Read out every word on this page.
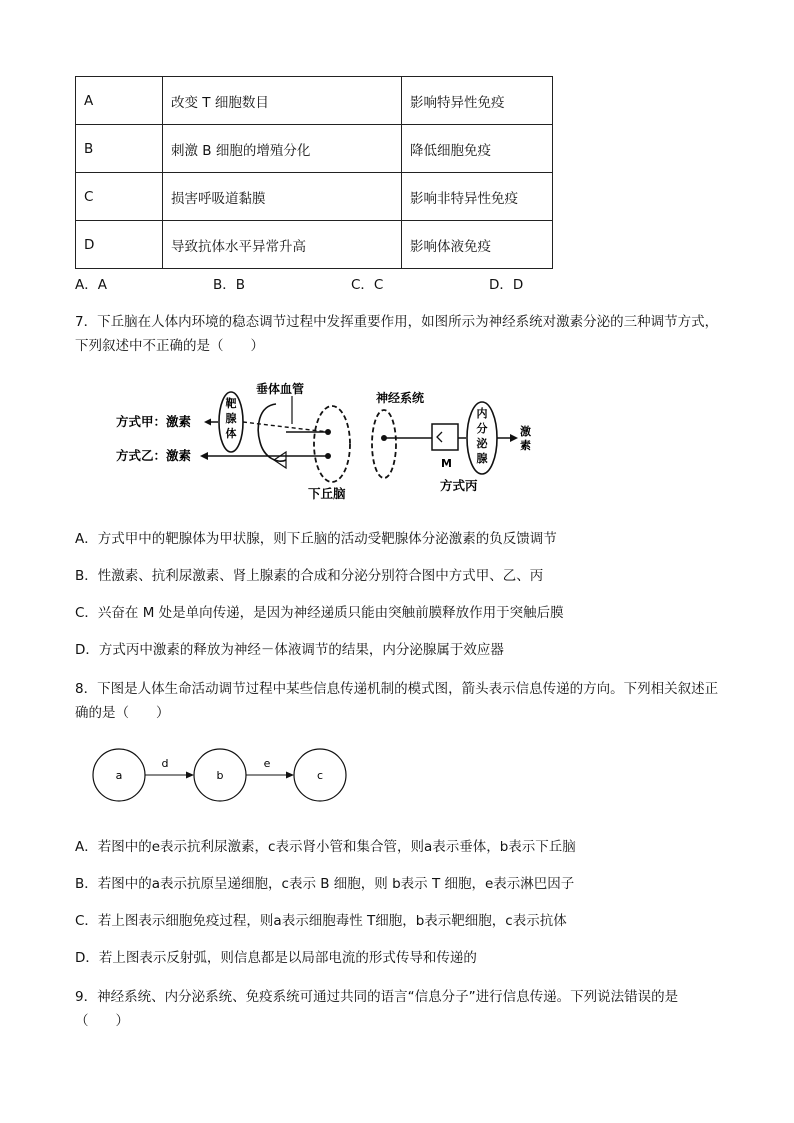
A	改变 T 细胞数目	影响特异性免疫
B	刺激 B 细胞的增殖分化	降低细胞免疫
C	损害呼吸道黏膜	影响非特异性免疫
D	导致抗体水平异常升高	影响体液免疫
A．A	B．B	C．C	D．D
7．下丘脑在人体内环境的稳态调节过程中发挥重要作用，如图所示为神经系统对激素分泌的三种调节方式，下列叙述中不正确的是（　　）
方式甲：激素
方式乙：激素
靶
腺
体
垂体血管
下丘脑
神经系统
M
内
分
泌
腺
激
素
方式丙
A．方式甲中的靶腺体为甲状腺，则下丘脑的活动受靶腺体分泌激素的负反馈调节
B．性激素、抗利尿激素、肾上腺素的合成和分泌分别符合图中方式甲、乙、丙
C．兴奋在 M 处是单向传递，是因为神经递质只能由突触前膜释放作用于突触后膜
D．方式丙中激素的释放为神经－体液调节的结果，内分泌腺属于效应器
8．下图是人体生命活动调节过程中某些信息传递机制的模式图，箭头表示信息传递的方向。下列相关叙述正确的是（　　）
a
d
b
e
c
A．若图中的e表示抗利尿激素，c表示肾小管和集合管，则a表示垂体，b表示下丘脑
B．若图中的a表示抗原呈递细胞，c表示 B 细胞，则 b表示 T 细胞，e表示淋巴因子
C．若上图表示细胞免疫过程，则a表示细胞毒性 T细胞，b表示靶细胞，c表示抗体
D．若上图表示反射弧，则信息都是以局部电流的形式传导和传递的
9．神经系统、内分泌系统、免疫系统可通过共同的语言“信息分子”进行信息传递。下列说法错误的是（　　）
